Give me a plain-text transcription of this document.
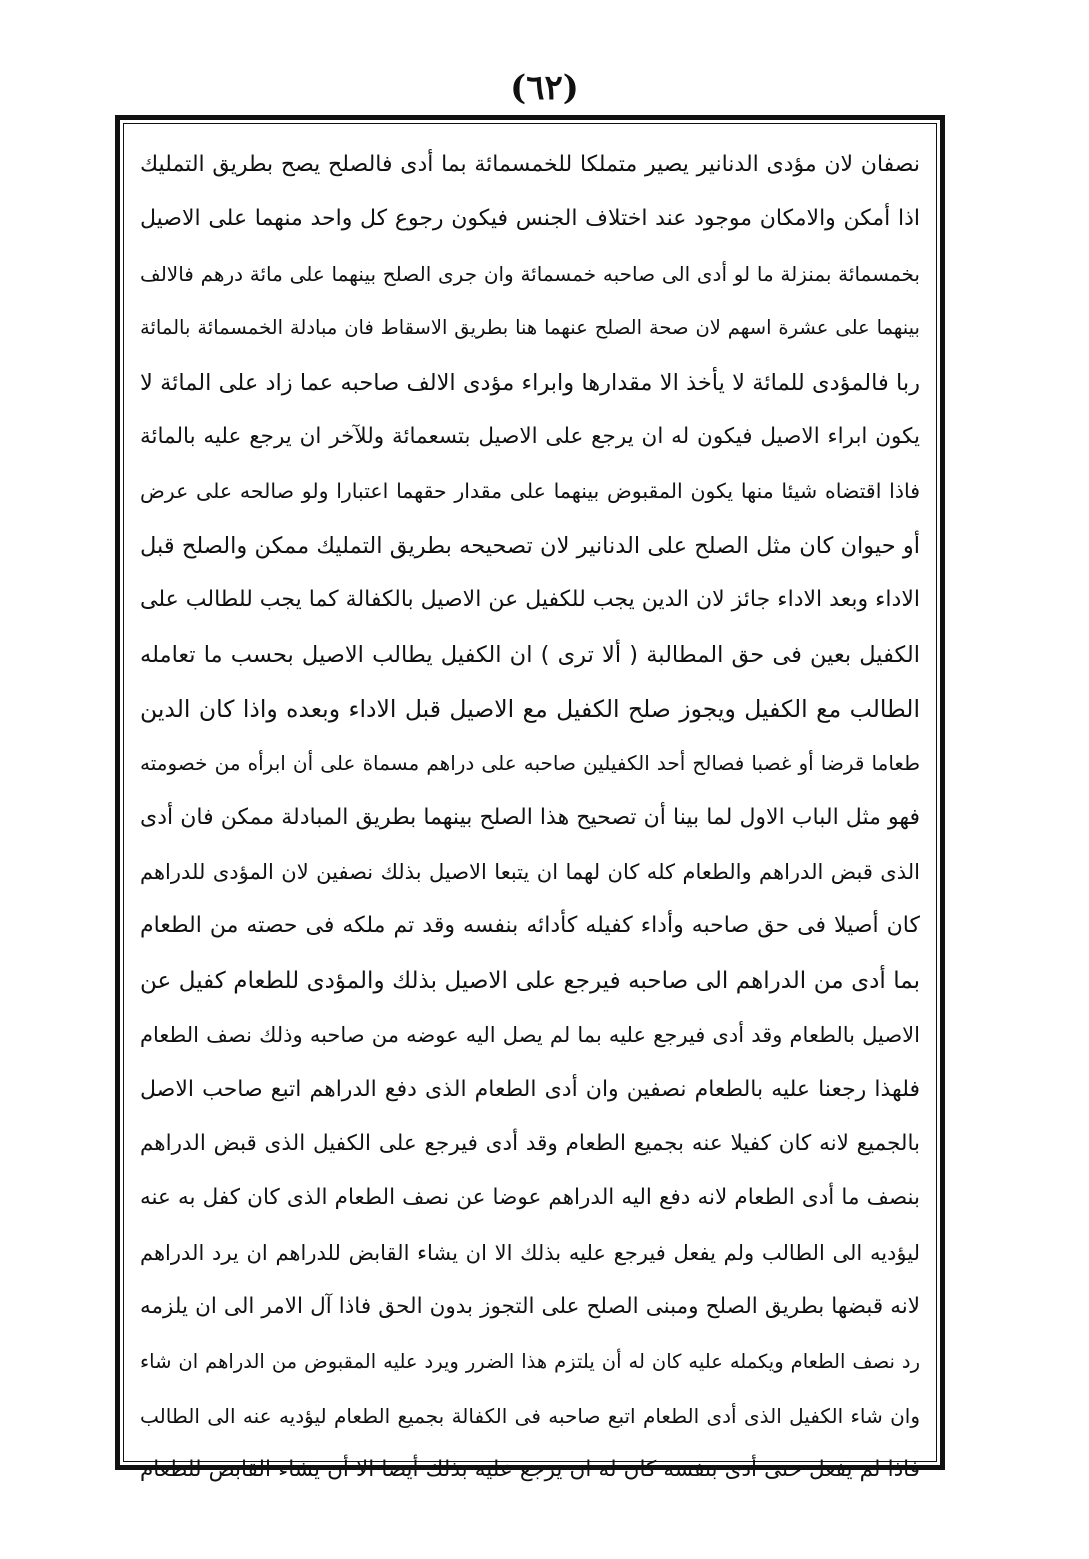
(٦٢)
نصفان لان مؤدى الدنانير يصير متملكا للخمسمائة بما أدى فالصلح يصح بطريق التمليك
اذا أمكن والامكان موجود عند اختلاف الجنس فيكون رجوع كل واحد منهما على الاصيل
بخمسمائة بمنزلة ما لو أدى الى صاحبه خمسمائة وان جرى الصلح بينهما على مائة درهم فالالف
بينهما على عشرة اسهم لان صحة الصلح عنهما هنا بطريق الاسقاط فان مبادلة الخمسمائة بالمائة
ربا فالمؤدى للمائة لا يأخذ الا مقدارها وابراء مؤدى الالف صاحبه عما زاد على المائة لا
يكون ابراء الاصيل فيكون له ان يرجع على الاصيل بتسعمائة وللآخر ان يرجع عليه بالمائة
فاذا اقتضاه شيئا منها يكون المقبوض بينهما على مقدار حقهما اعتبارا ولو صالحه على عرض
أو حيوان كان مثل الصلح على الدنانير لان تصحيحه بطريق التمليك ممكن والصلح قبل
الاداء وبعد الاداء جائز لان الدين يجب للكفيل عن الاصيل بالكفالة كما يجب للطالب على
الكفيل بعين فى حق المطالبة ( ألا ترى ) ان الكفيل يطالب الاصيل بحسب ما تعامله
الطالب مع الكفيل ويجوز صلح الكفيل مع الاصيل قبل الاداء وبعده واذا كان الدين
طعاما قرضا أو غصبا فصالح أحد الكفيلين صاحبه على دراهم مسماة على أن ابرأه من خصومته
فهو مثل الباب الاول لما بينا أن تصحيح هذا الصلح بينهما بطريق المبادلة ممكن فان أدى
الذى قبض الدراهم والطعام كله كان لهما ان يتبعا الاصيل بذلك نصفين لان المؤدى للدراهم
كان أصيلا فى حق صاحبه وأداء كفيله كأدائه بنفسه وقد تم ملكه فى حصته من الطعام
بما أدى من الدراهم الى صاحبه فيرجع على الاصيل بذلك والمؤدى للطعام كفيل عن
الاصيل بالطعام وقد أدى فيرجع عليه بما لم يصل اليه عوضه من صاحبه وذلك نصف الطعام
فلهذا رجعنا عليه بالطعام نصفين وان أدى الطعام الذى دفع الدراهم اتبع صاحب الاصل
بالجميع لانه كان كفيلا عنه بجميع الطعام وقد أدى فيرجع على الكفيل الذى قبض الدراهم
بنصف ما أدى الطعام لانه دفع اليه الدراهم عوضا عن نصف الطعام الذى كان كفل به عنه
ليؤديه الى الطالب ولم يفعل فيرجع عليه بذلك الا ان يشاء القابض للدراهم ان يرد الدراهم
لانه قبضها بطريق الصلح ومبنى الصلح على التجوز بدون الحق فاذا آل الامر الى ان يلزمه
رد نصف الطعام ويكمله عليه كان له أن يلتزم هذا الضرر ويرد عليه المقبوض من الدراهم ان شاء
وان شاء الكفيل الذى أدى الطعام اتبع صاحبه فى الكفالة بجميع الطعام ليؤديه عنه الى الطالب
فاذا لم يفعل حتى أدى بنفسه كان له ان يرجع عليه بذلك أيضا الا أن يشاء القابض للطعام
